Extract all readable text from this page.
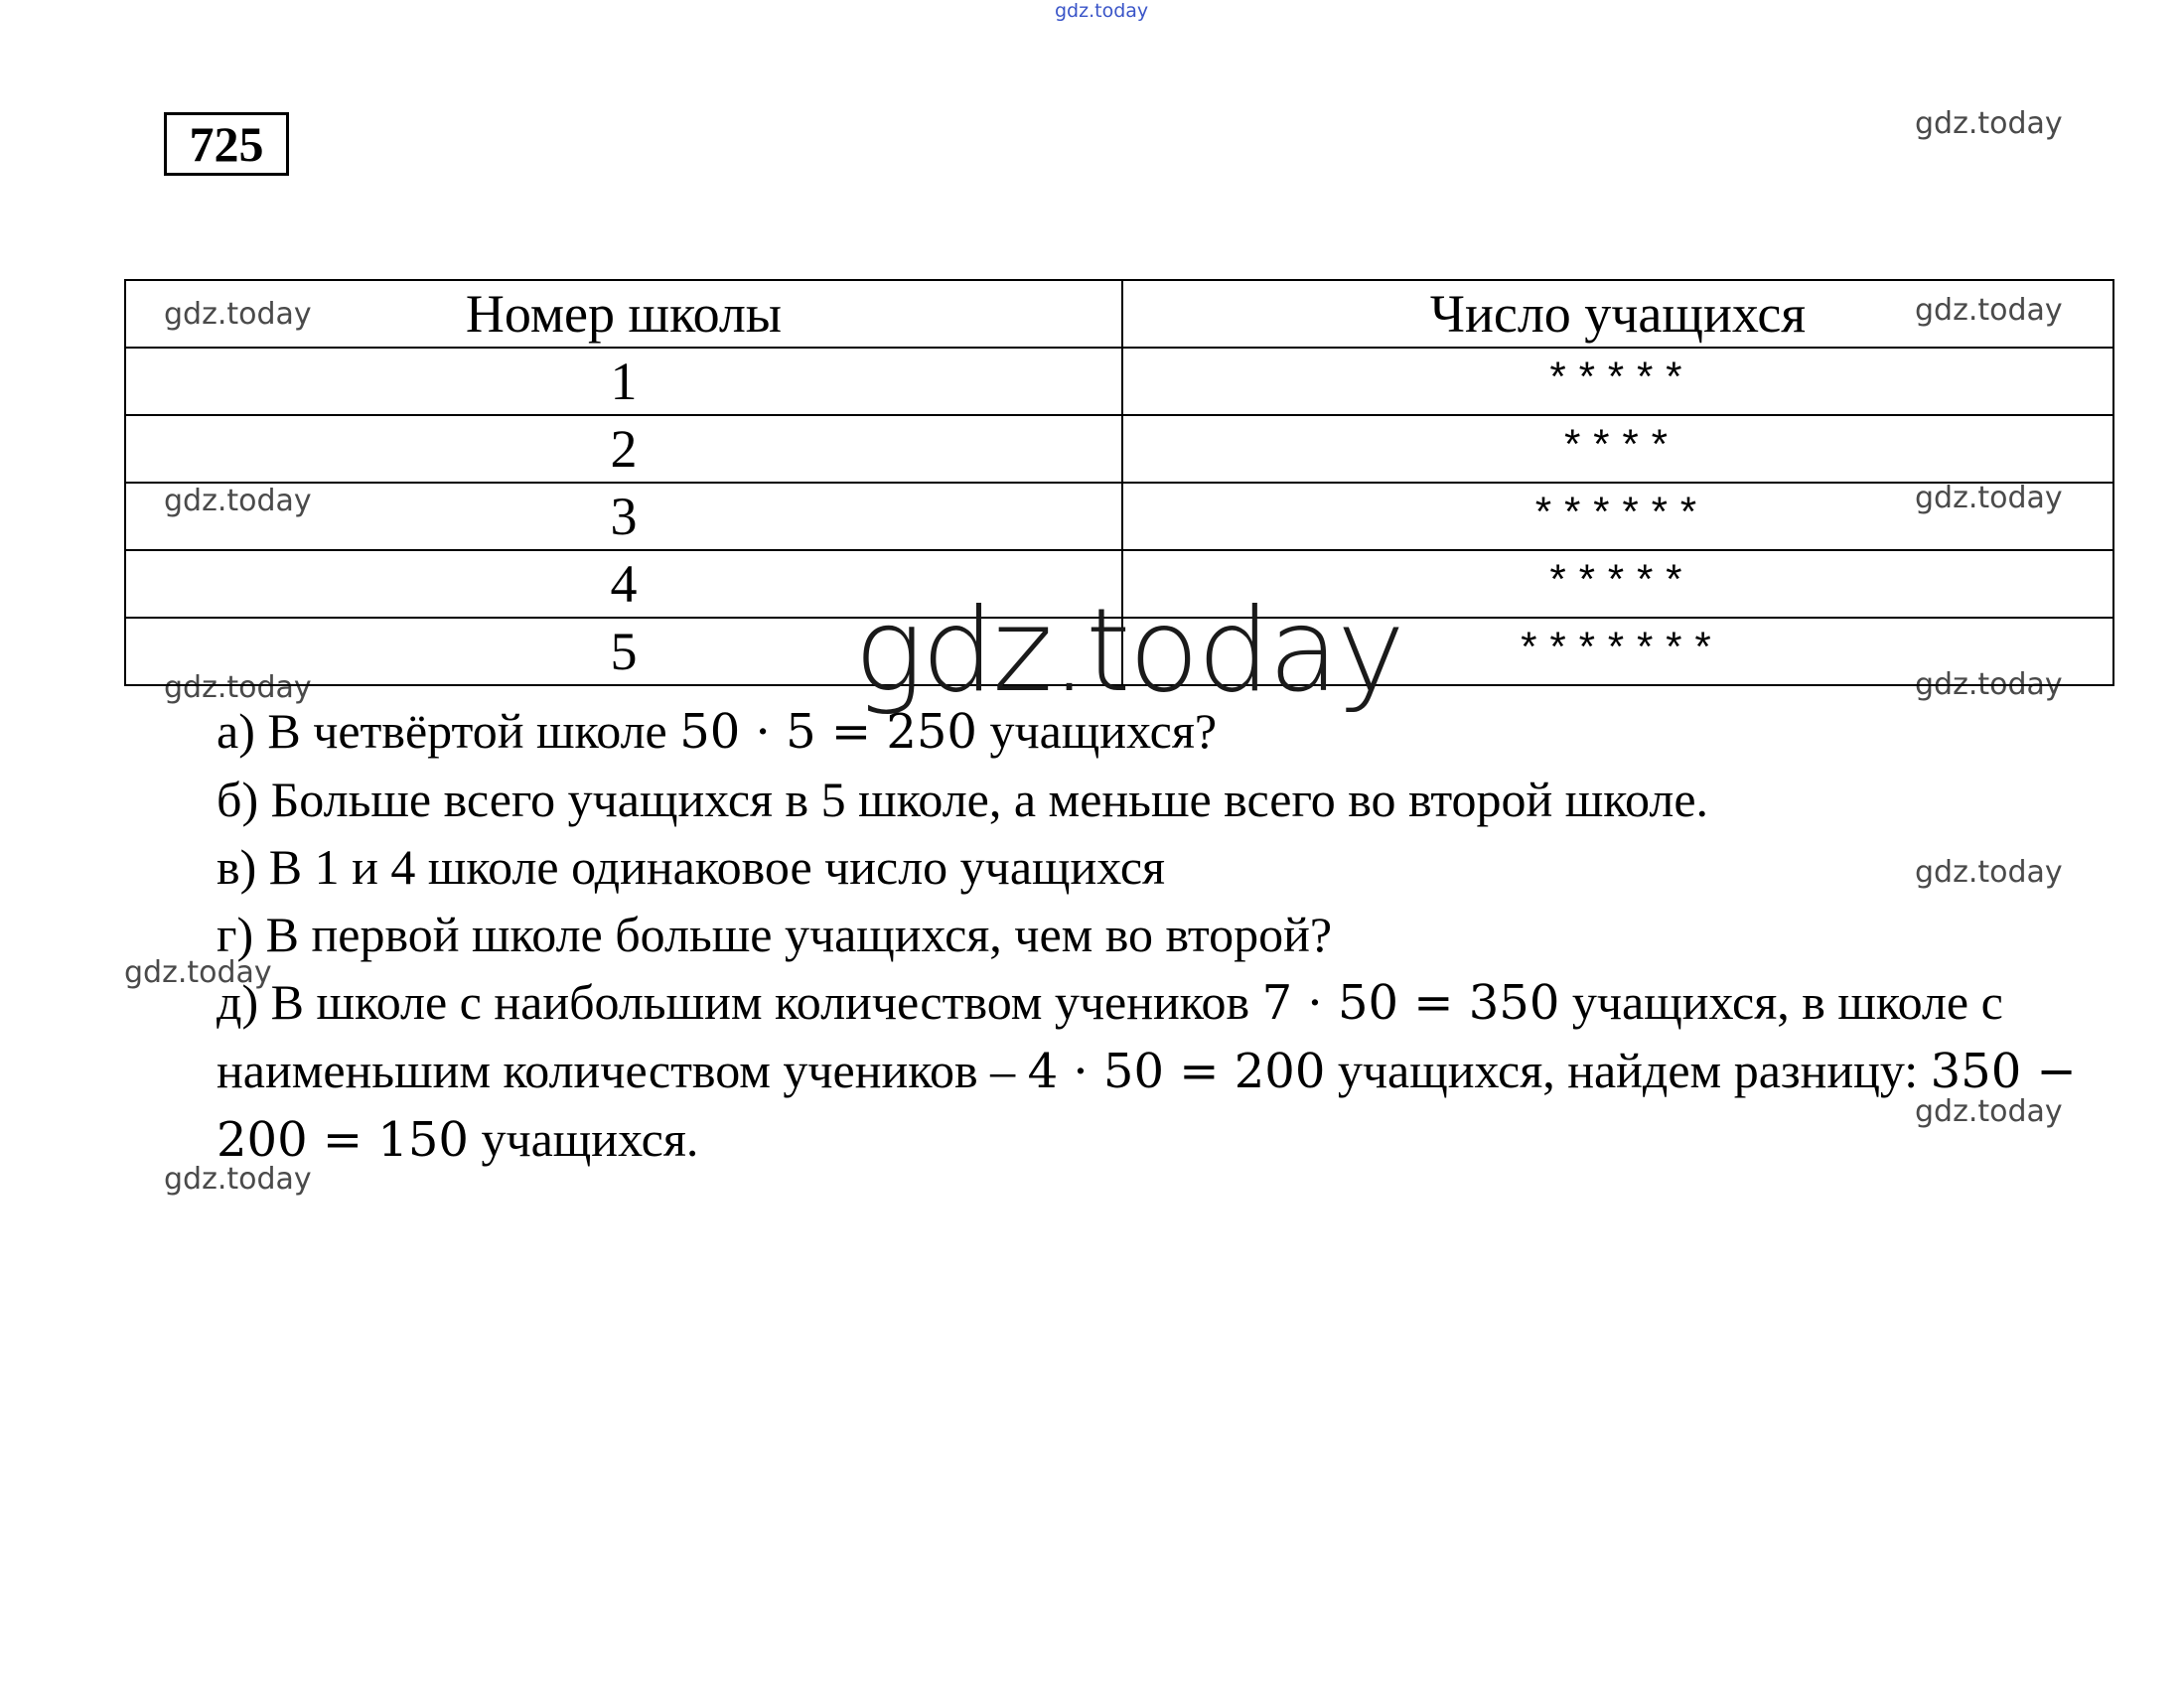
gdz.today
gdz.today
gdz.today	gdz.today
gdz.today	gdz.today
gdz.today	gdz.today
gdz.today
gdz.today
gdz.today
gdz.today
725
Номер школы	Число учащихся
1	*****
2	****
3	******
4	*****
5	*******
gdz.today

а) В четвёртой школе 50 · 5 = 250 учащихся?

б) Больше всего учащихся в 5 школе, а меньше всего во второй школе.

в) В 1 и 4 школе одинаковое число учащихся

г) В первой школе больше учащихся, чем во второй?

д) В школе с наибольшим количеством учеников 7 · 50 = 350 учащихся, в школе с наименьшим количеством учеников – 4 · 50 = 200 учащихся, найдем разницу: 350 − 200 = 150 учащихся.
